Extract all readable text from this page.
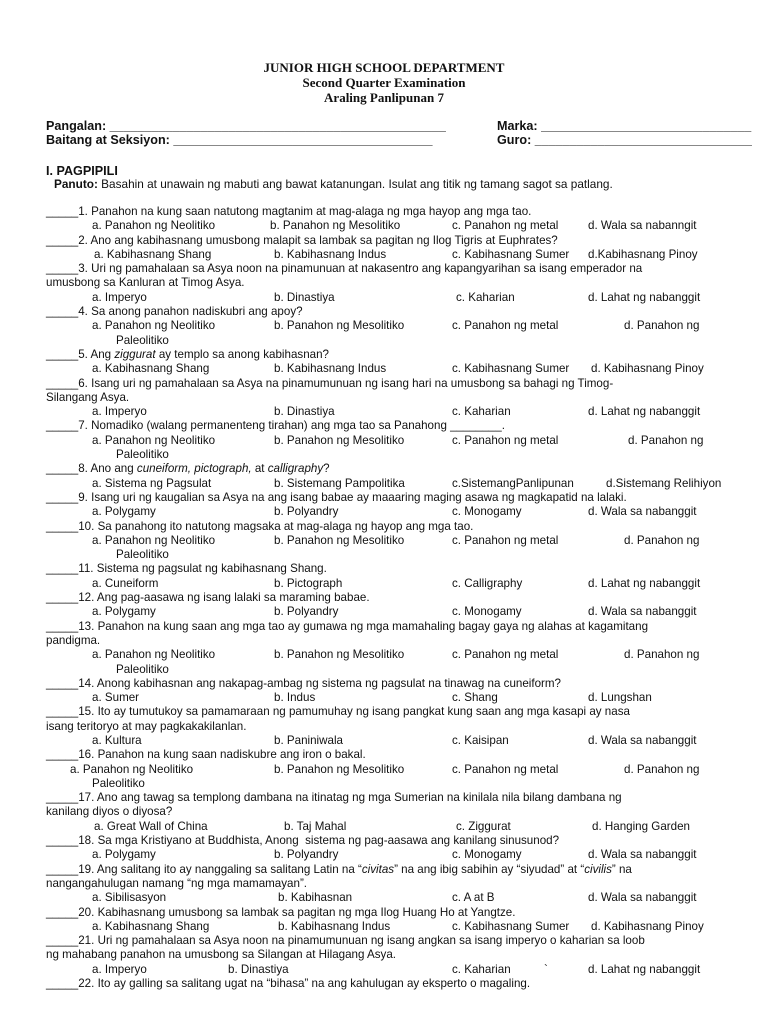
JUNIOR HIGH SCHOOL DEPARTMENT
Second Quarter Examination
Araling Panlipunan 7
Pangalan: ________________________________________________
Baitang at Seksiyon: _____________________________________
Marka: ______________________________
Guro: _______________________________
I. PAGPIPILI
Panuto: Basahin at unawain ng mabuti ang bawat katanungan. Isulat ang titik ng tamang sagot sa patlang.
_____1. Panahon na kung saan natutong magtanim at mag-alaga ng mga hayop ang mga tao.
a. Panahon ng Neolitiko	b. Panahon ng Mesolitiko	c. Panahon ng metal	d. Wala sa nabanngit
_____2. Ano ang kabihasnang umusbong malapit sa lambak sa pagitan ng Ilog Tigris at Euphrates?
a. Kabihasnang Shang	b. Kabihasnang Indus	c. Kabihasnang Sumer d.Kabihasnang Pinoy
_____3. Uri ng pamahalaan sa Asya noon na pinamunuan at nakasentro ang kapangyarihan sa isang emperador na
umusbong sa Kanluran at Timog Asya.
a. Imperyo	b. Dinastiya	c. Kaharian	d. Lahat ng nabanggit
_____4. Sa anong panahon nadiskubri ang apoy?
a. Panahon ng Neolitiko	b. Panahon ng Mesolitiko	c. Panahon ng metal	d. Panahon ng
Paleolitiko
_____5. Ang ziggurat ay templo sa anong kabihasnan?
a. Kabihasnang Shang	b. Kabihasnang Indus	c. Kabihasnang Sumer d. Kabihasnang Pinoy
_____6. Isang uri ng pamahalaan sa Asya na pinamumunuan ng isang hari na umusbong sa bahagi ng Timog-
Silangang Asya.
a. Imperyo	b. Dinastiya	c. Kaharian	d. Lahat ng nabanggit
_____7. Nomadiko (walang permanenteng tirahan) ang mga tao sa Panahong ________.
a. Panahon ng Neolitiko	b. Panahon ng Mesolitiko	c. Panahon ng metal	d. Panahon ng
Paleolitiko
_____8. Ano ang cuneiform, pictograph, at calligraphy?
a. Sistema ng Pagsulat	b. Sistemang Pampolitika	c.SistemangPanlipunan	d.Sistemang Relihiyon
_____9. Isang uri ng kaugalian sa Asya na ang isang babae ay maaaring maging asawa ng magkapatid na lalaki.
a. Polygamy	b. Polyandry	c. Monogamy	d. Wala sa nabanggit
_____10. Sa panahong ito natutong magsaka at mag-alaga ng hayop ang mga tao.
a. Panahon ng Neolitiko	b. Panahon ng Mesolitiko	c. Panahon ng metal	d. Panahon ng
Paleolitiko
_____11. Sistema ng pagsulat ng kabihasnang Shang.
a. Cuneiform	b. Pictograph	c. Calligraphy	d. Lahat ng nabanggit
_____12. Ang pag-aasawa ng isang lalaki sa maraming babae.
a. Polygamy	b. Polyandry	c. Monogamy	d. Wala sa nabanggit
_____13. Panahon na kung saan ang mga tao ay gumawa ng mga mamahaling bagay gaya ng alahas at kagamitang
pandigma.
a. Panahon ng Neolitiko	b. Panahon ng Mesolitiko	c. Panahon ng metal	d. Panahon ng
Paleolitiko
_____14. Anong kabihasnan ang nakapag-ambag ng sistema ng pagsulat na tinawag na cuneiform?
a. Sumer	b. Indus	c. Shang	d. Lungshan
_____15. Ito ay tumutukoy sa pamamaraan ng pamumuhay ng isang pangkat kung saan ang mga kasapi ay nasa
isang teritoryo at may pagkakakilanlan.
a. Kultura	b. Paniniwala	c. Kaisipan	d. Wala sa nabanggit
_____16. Panahon na kung saan nadiskubre ang iron o bakal.
a. Panahon ng Neolitiko	b. Panahon ng Mesolitiko	c. Panahon ng metal	d. Panahon ng
Paleolitiko
_____17. Ano ang tawag sa templong dambana na itinatag ng mga Sumerian na kinilala nila bilang dambana ng
kanilang diyos o diyosa?
a. Great Wall of China	b. Taj Mahal	c. Ziggurat	d. Hanging Garden
_____18. Sa mga Kristiyano at Buddhista, Anong  sistema ng pag-aasawa ang kanilang sinusunod?
a. Polygamy	b. Polyandry	c. Monogamy	d. Wala sa nabanggit
_____19. Ang salitang ito ay nanggaling sa salitang Latin na “civitas” na ang ibig sabihin ay “siyudad” at “civilis” na
nangangahulugan namang “ng mga mamamayan”.
a. Sibilisasyon	b. Kabihasnan	c. A at B	d. Wala sa nabanggit
_____20. Kabihasnang umusbong sa lambak sa pagitan ng mga Ilog Huang Ho at Yangtze.
a. Kabihasnang Shang	b. Kabihasnang Indus	c. Kabihasnang Sumer d. Kabihasnang Pinoy
_____21. Uri ng pamahalaan sa Asya noon na pinamumunuan ng isang angkan sa isang imperyo o kaharian sa loob
ng mahabang panahon na umusbong sa Silangan at Hilagang Asya.
a. Imperyo	b. Dinastiya	c. Kaharian	`	d. Lahat ng nabanggit
_____22. Ito ay galling sa salitang ugat na “bihasa” na ang kahulugan ay eksperto o magaling.
